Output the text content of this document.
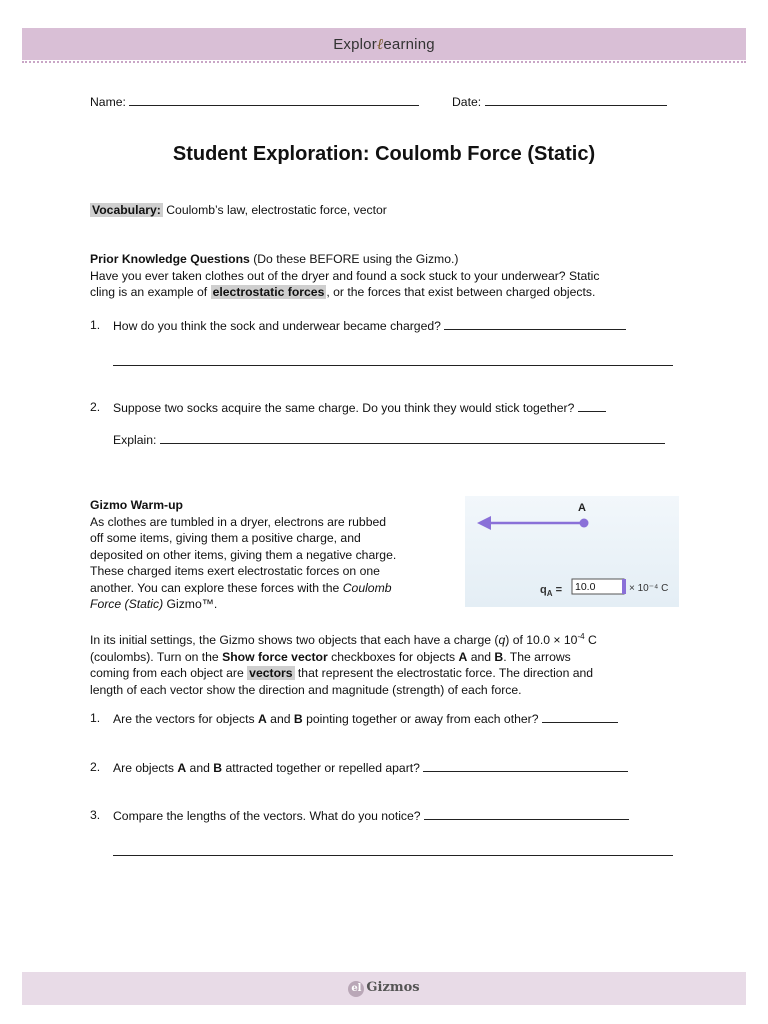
Explorℓearning
Name:	Date:
Student Exploration: Coulomb Force (Static)
Vocabulary: Coulomb’s law, electrostatic force, vector
Prior Knowledge Questions (Do these BEFORE using the Gizmo.)
Have you ever taken clothes out of the dryer and found a sock stuck to your underwear? Static
cling is an example of electrostatic forces , or the forces that exist between charged objects.
1. How do you think the sock and underwear became charged?
2. Suppose two socks acquire the same charge. Do you think they would stick together?
Explain:
Gizmo Warm-up
As clothes are tumbled in a dryer, electrons are rubbed
off some items, giving them a positive charge, and
deposited on other items, giving them a negative charge.
These charged items exert electrostatic forces on one
another. You can explore these forces with the Coulomb
Force (Static) Gizmo™.
A
$q_A = 10.0$	× 10⁻⁴ C
In its initial settings, the Gizmo shows two objects that each have a charge (q) of $10.0 \times 10^{-4}$ C
(coulombs). Turn on the Show force vector checkboxes for objects A and B. The arrows
coming from each object are vectors that represent the electrostatic force. The direction and
length of each vector show the direction and magnitude (strength) of each force.
1. Are the vectors for objects A and B pointing together or away from each other?
2. Are objects A and B attracted together or repelled apart?
3. Compare the lengths of the vectors. What do you notice?
el Gizmos
